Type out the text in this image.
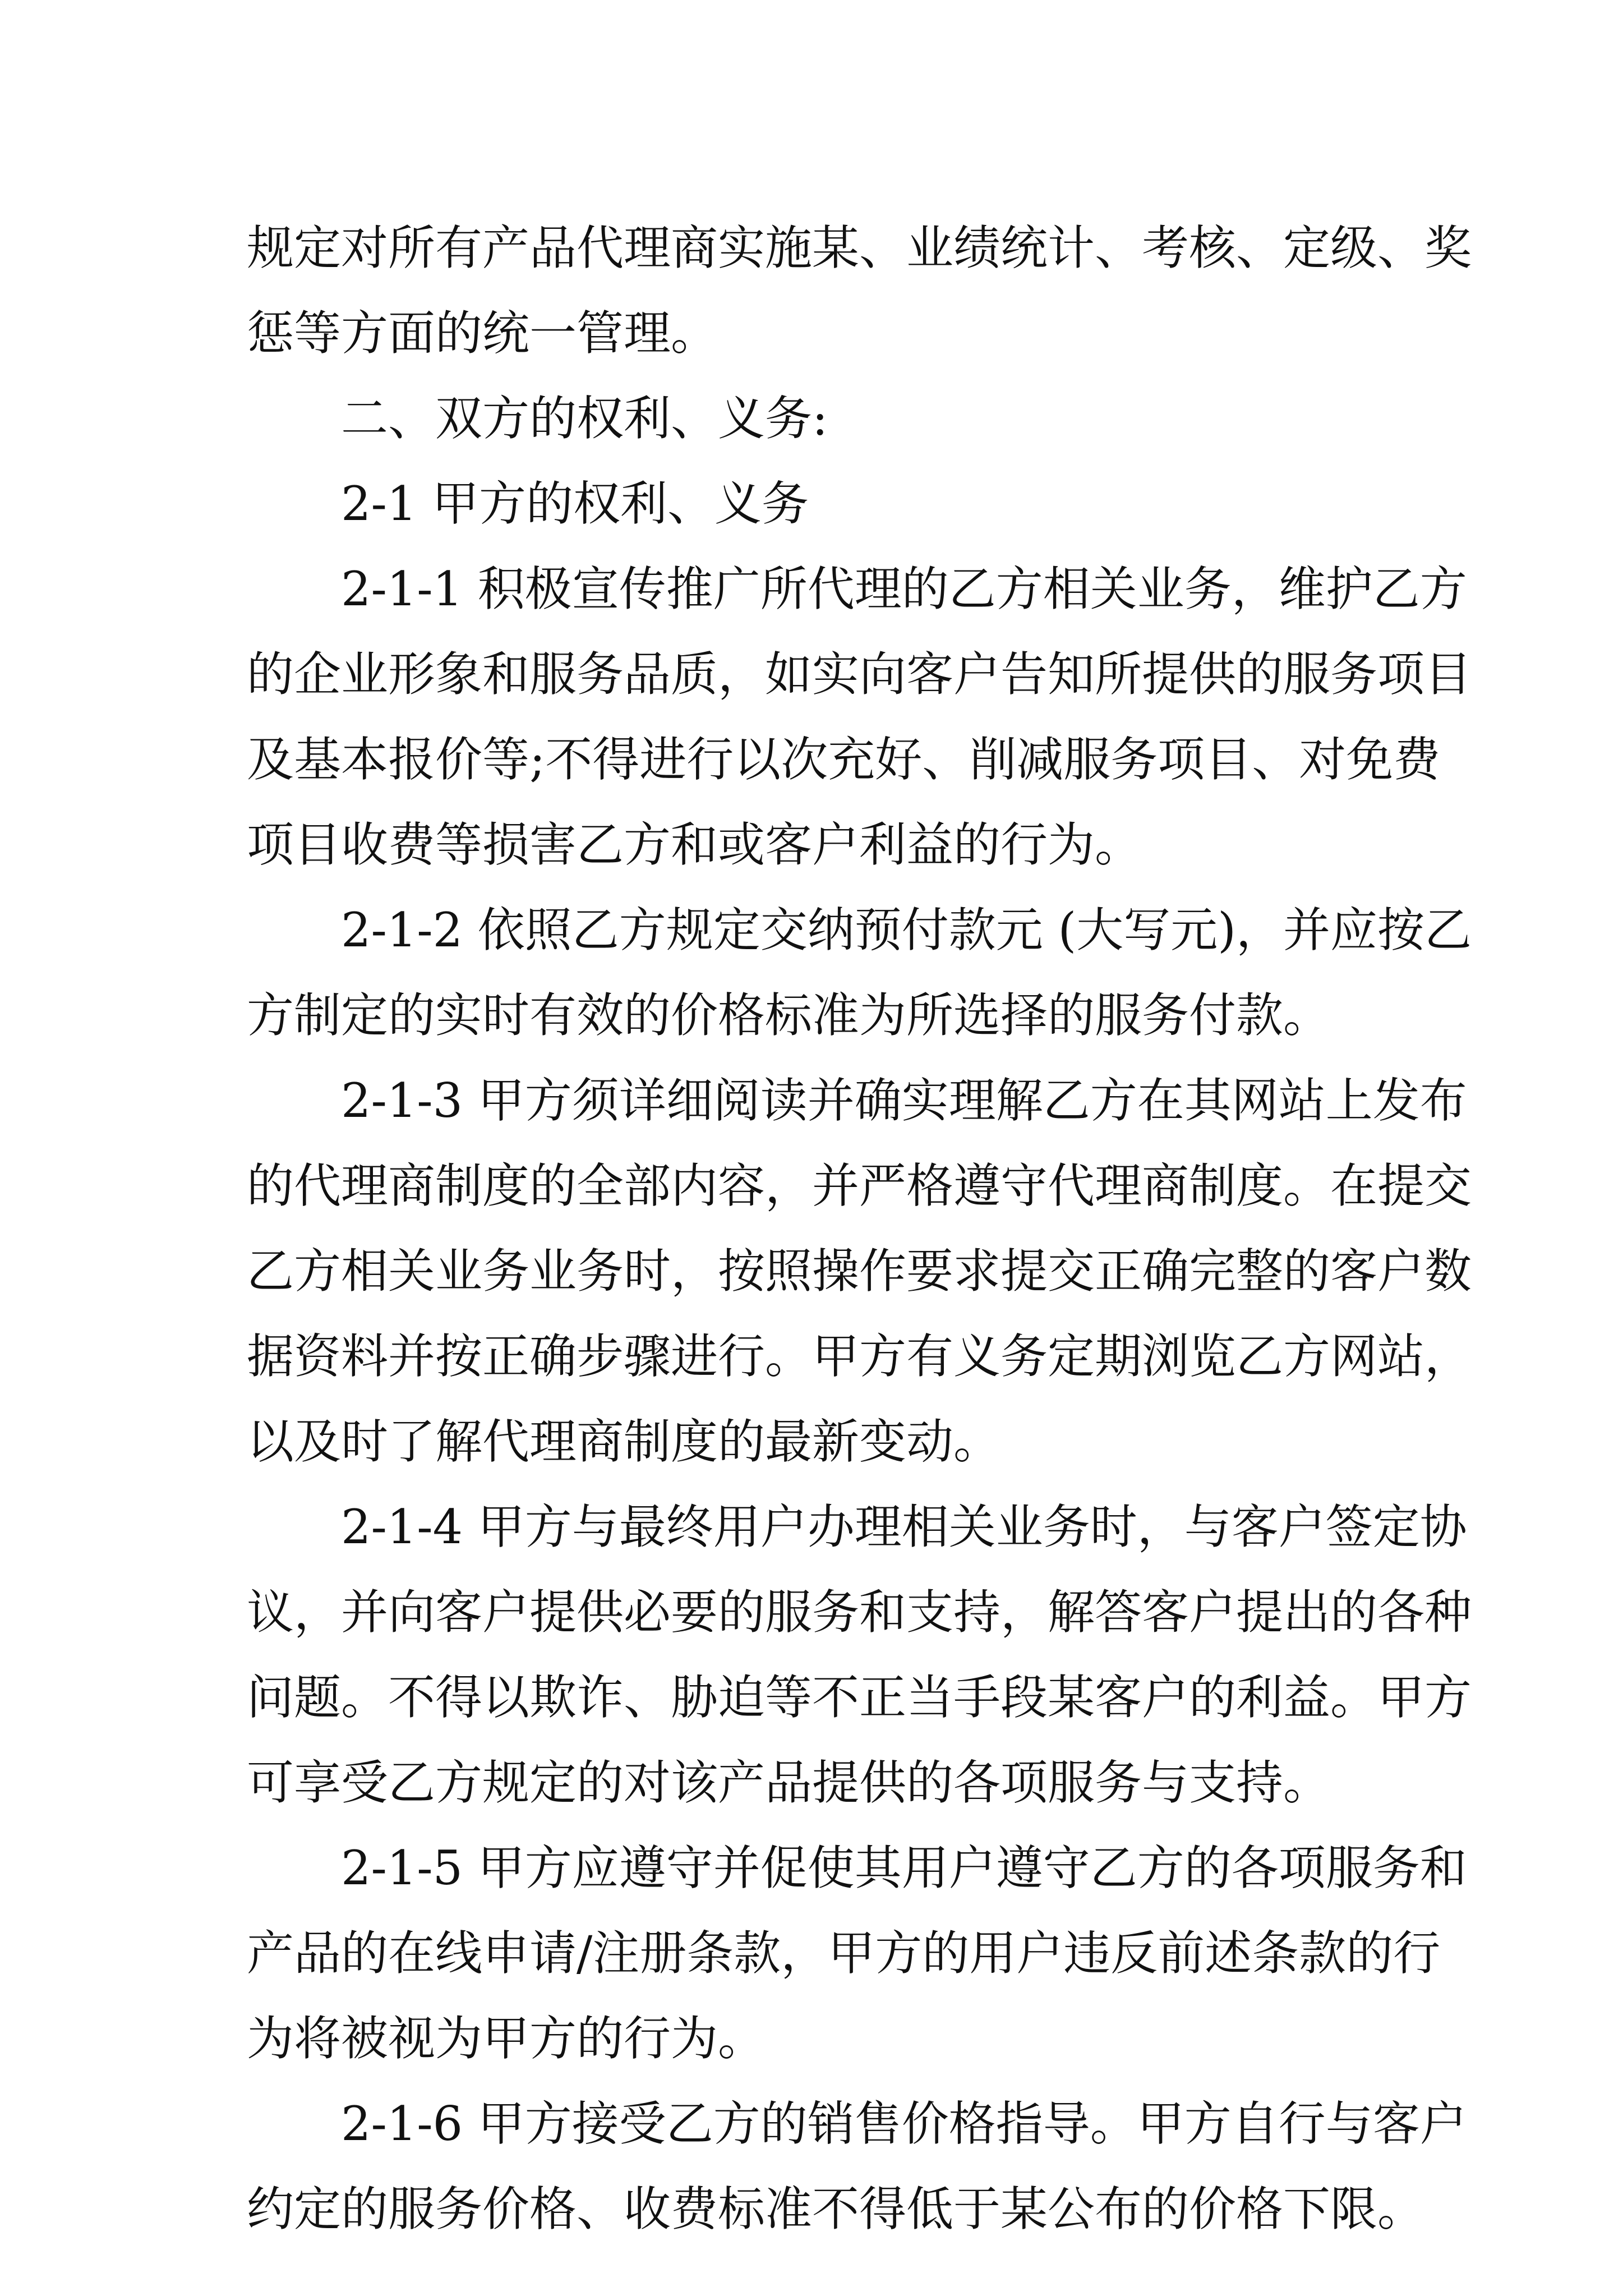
规定对所有产品代理商实施某、业绩统计、考核、定级、奖
惩等方面的统一管理。
二、双方的权利、义务:
2-1 甲方的权利、义务
2-1-1 积极宣传推广所代理的乙方相关业务，维护乙方
的企业形象和服务品质，如实向客户告知所提供的服务项目
及基本报价等;不得进行以次充好、削减服务项目、对免费
项目收费等损害乙方和或客户利益的行为。
2-1-2 依照乙方规定交纳预付款元 (大写元)，并应按乙
方制定的实时有效的价格标准为所选择的服务付款。
2-1-3 甲方须详细阅读并确实理解乙方在其网站上发布
的代理商制度的全部内容，并严格遵守代理商制度。在提交
乙方相关业务业务时，按照操作要求提交正确完整的客户数
据资料并按正确步骤进行。甲方有义务定期浏览乙方网站，
以及时了解代理商制度的最新变动。
2-1-4 甲方与最终用户办理相关业务时，与客户签定协
议，并向客户提供必要的服务和支持，解答客户提出的各种
问题。不得以欺诈、胁迫等不正当手段某客户的利益。甲方
可享受乙方规定的对该产品提供的各项服务与支持。
2-1-5 甲方应遵守并促使其用户遵守乙方的各项服务和
产品的在线申请/注册条款，甲方的用户违反前述条款的行
为将被视为甲方的行为。
2-1-6 甲方接受乙方的销售价格指导。甲方自行与客户
约定的服务价格、收费标准不得低于某公布的价格下限。
